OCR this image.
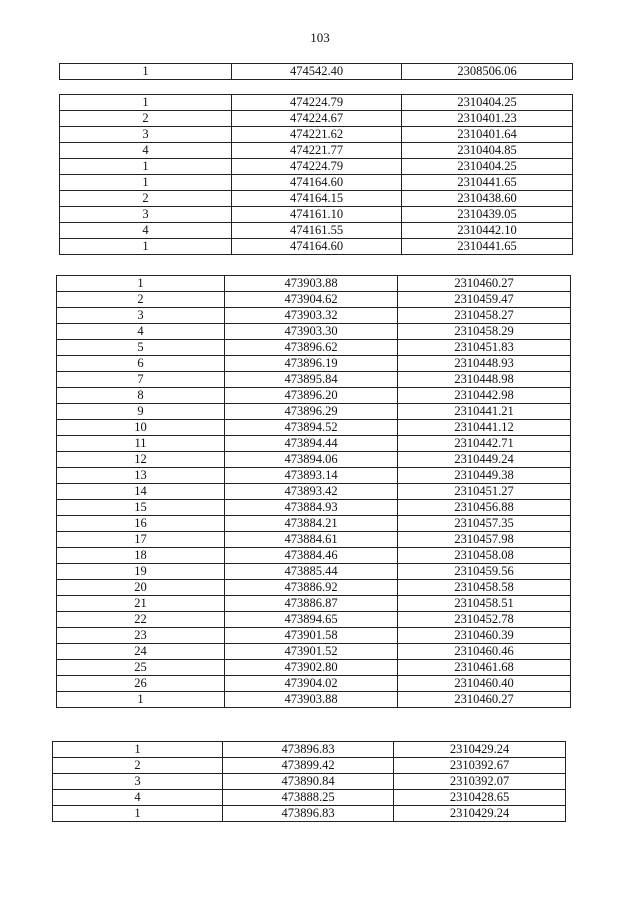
103
1	474542.40	2308506.06
1	474224.79	2310404.25
2	474224.67	2310401.23
3	474221.62	2310401.64
4	474221.77	2310404.85
1	474224.79	2310404.25
1	474164.60	2310441.65
2	474164.15	2310438.60
3	474161.10	2310439.05
4	474161.55	2310442.10
1	474164.60	2310441.65
1	473903.88	2310460.27
2	473904.62	2310459.47
3	473903.32	2310458.27
4	473903.30	2310458.29
5	473896.62	2310451.83
6	473896.19	2310448.93
7	473895.84	2310448.98
8	473896.20	2310442.98
9	473896.29	2310441.21
10	473894.52	2310441.12
11	473894.44	2310442.71
12	473894.06	2310449.24
13	473893.14	2310449.38
14	473893.42	2310451.27
15	473884.93	2310456.88
16	473884.21	2310457.35
17	473884.61	2310457.98
18	473884.46	2310458.08
19	473885.44	2310459.56
20	473886.92	2310458.58
21	473886.87	2310458.51
22	473894.65	2310452.78
23	473901.58	2310460.39
24	473901.52	2310460.46
25	473902.80	2310461.68
26	473904.02	2310460.40
1	473903.88	2310460.27
1	473896.83	2310429.24
2	473899.42	2310392.67
3	473890.84	2310392.07
4	473888.25	2310428.65
1	473896.83	2310429.24
